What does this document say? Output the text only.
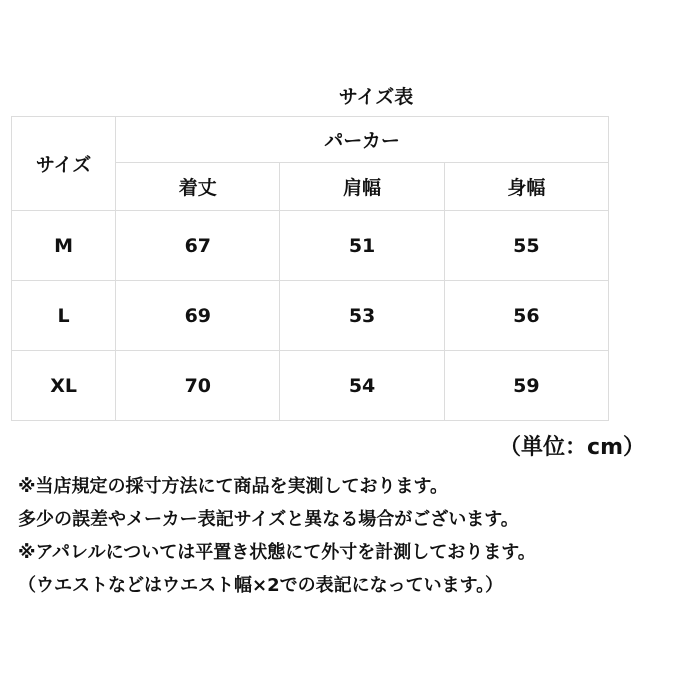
サイズ表
サイズ	パーカー		
	着丈	肩幅	身幅
M	67	51	55
L	69	53	56
XL	70	54	59
（単位：cm）
※当店規定の採寸方法にて商品を実測しております。
多少の誤差やメーカー表記サイズと異なる場合がございます。
※アパレルについては平置き状態にて外寸を計測しております。
（ウエストなどはウエスト幅×2での表記になっています。）
